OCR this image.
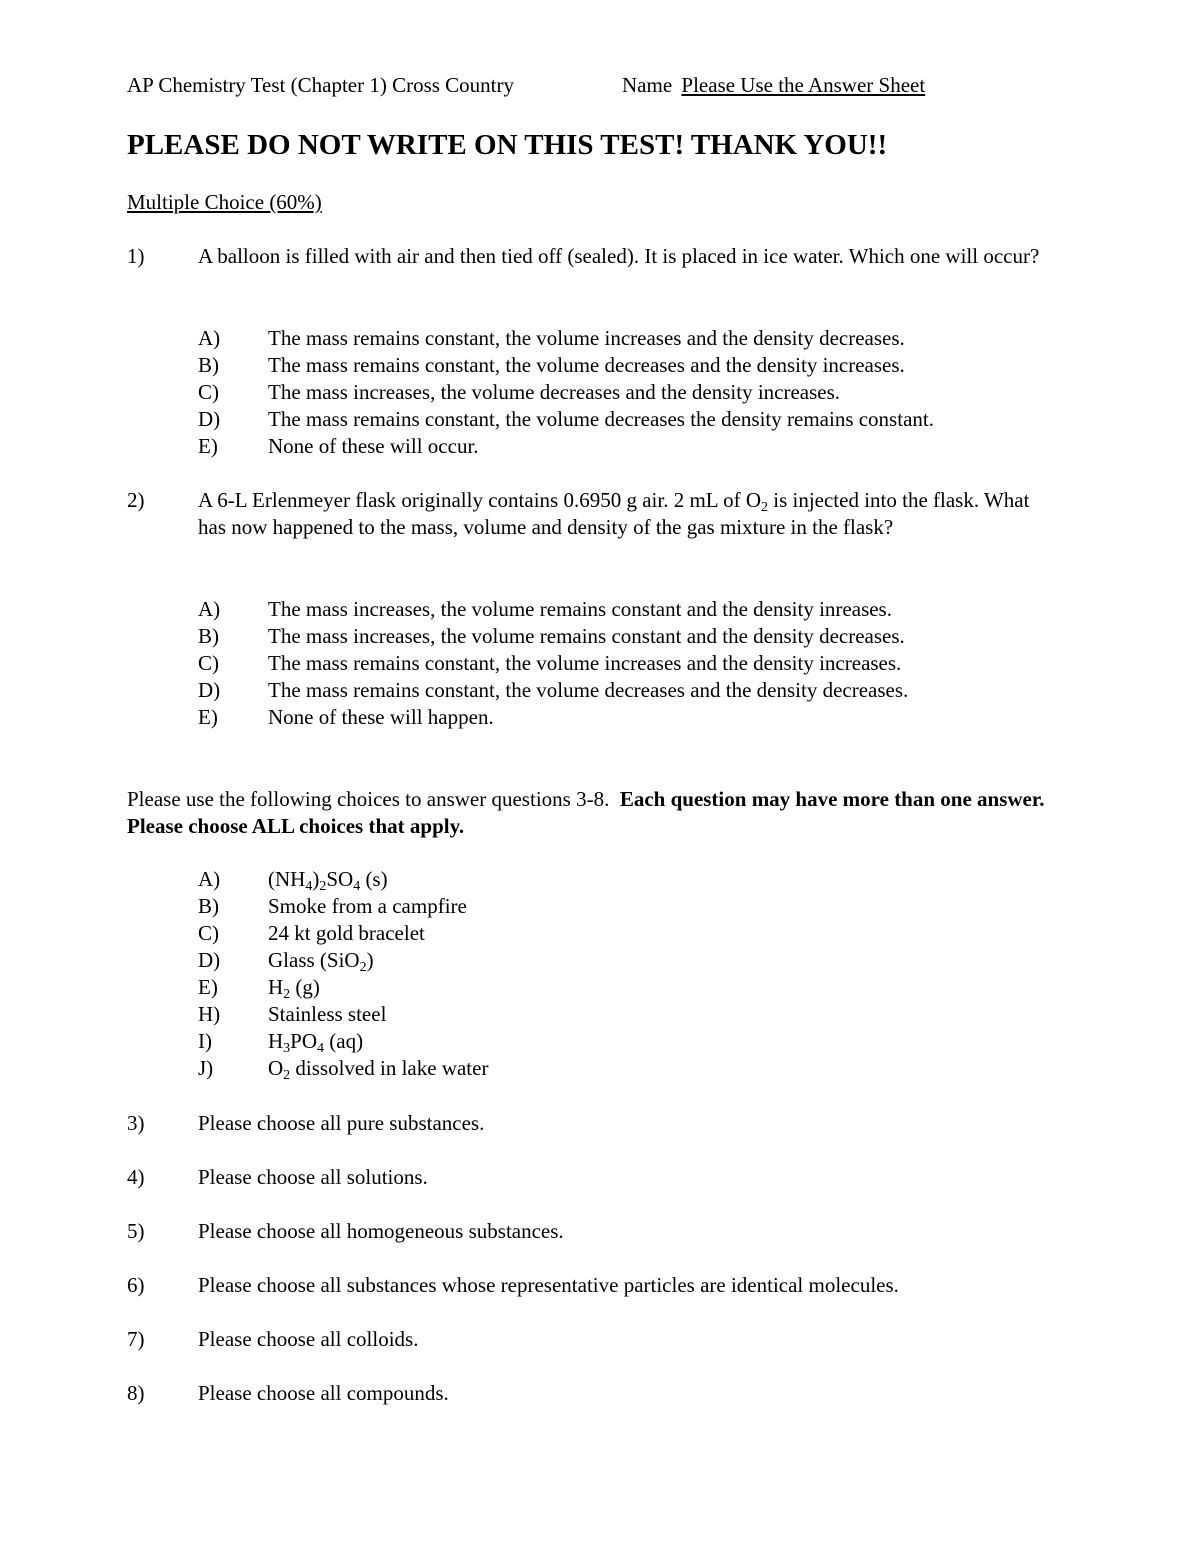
AP Chemistry Test (Chapter 1) Cross Country	Name Please Use the Answer Sheet
PLEASE DO NOT WRITE ON THIS TEST! THANK YOU!!
Multiple Choice (60%)
1)	A balloon is filled with air and then tied off (sealed). It is placed in ice water. Which one will occur?
A) The mass remains constant, the volume increases and the density decreases.
B) The mass remains constant, the volume decreases and the density increases.
C) The mass increases, the volume decreases and the density increases.
D) The mass remains constant, the volume decreases the density remains constant.
E) None of these will occur.
2)	A 6-L Erlenmeyer flask originally contains 0.6950 g air. 2 mL of $O_2$ is injected into the flask. What has now happened to the mass, volume and density of the gas mixture in the flask?
A) The mass increases, the volume remains constant and the density inreases.
B) The mass increases, the volume remains constant and the density decreases.
C) The mass remains constant, the volume increases and the density increases.
D) The mass remains constant, the volume decreases and the density decreases.
E) None of these will happen.
Please use the following choices to answer questions 3-8.  Each question may have more than one answer. Please choose ALL choices that apply.
A) $(NH_4)_2SO_4$ (s)
B) Smoke from a campfire
C) 24 kt gold bracelet
D) Glass (SiO$_2$)
E) $H_2$ (g)
H) Stainless steel
I)	$H_3PO_4$ (aq)
J)	$O_2$ dissolved in lake water
3)	Please choose all pure substances.
4)	Please choose all solutions.
5)	Please choose all homogeneous substances.
6)	Please choose all substances whose representative particles are identical molecules.
7)	Please choose all colloids.
8)	Please choose all compounds.
